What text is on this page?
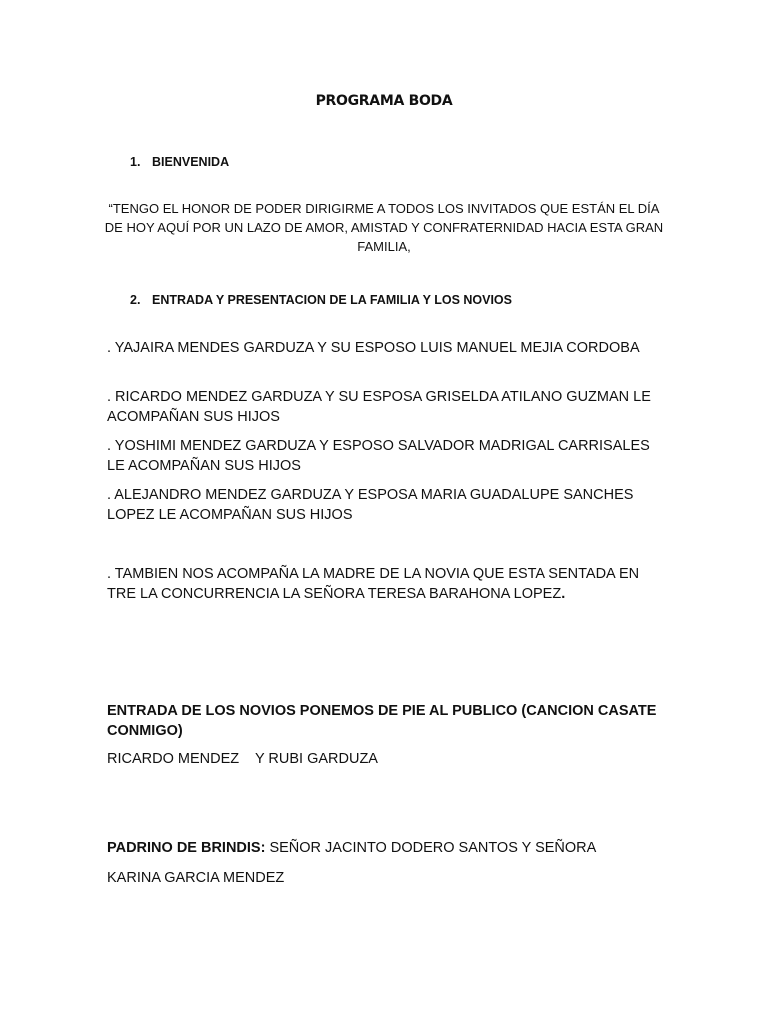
PROGRAMA BODA
1. BIENVENIDA
“TENGO EL HONOR DE PODER DIRIGIRME A TODOS LOS INVITADOS QUE ESTÁN EL DÍA DE HOY AQUÍ POR UN LAZO DE AMOR, AMISTAD Y CONFRATERNIDAD HACIA ESTA GRAN FAMILIA,
2. ENTRADA Y PRESENTACION DE LA FAMILIA Y LOS NOVIOS
. YAJAIRA MENDES GARDUZA Y SU ESPOSO LUIS MANUEL MEJIA CORDOBA
. RICARDO MENDEZ GARDUZA Y SU ESPOSA GRISELDA ATILANO GUZMAN LE ACOMPAÑAN SUS HIJOS
. YOSHIMI MENDEZ GARDUZA Y ESPOSO SALVADOR MADRIGAL CARRISALES LE ACOMPAÑAN SUS HIJOS
. ALEJANDRO MENDEZ GARDUZA Y ESPOSA MARIA GUADALUPE SANCHES LOPEZ LE ACOMPAÑAN SUS HIJOS
. TAMBIEN NOS ACOMPAÑA LA MADRE DE LA NOVIA QUE ESTA SENTADA EN TRE LA CONCURRENCIA LA SEÑORA TERESA BARAHONA LOPEZ.
ENTRADA DE LOS NOVIOS PONEMOS DE PIE AL PUBLICO (CANCION CASATE CONMIGO)
RICARDO MENDEZ    Y RUBI GARDUZA
PADRINO DE BRINDIS: SEÑOR JACINTO DODERO SANTOS Y SEÑORA
KARINA GARCIA MENDEZ
